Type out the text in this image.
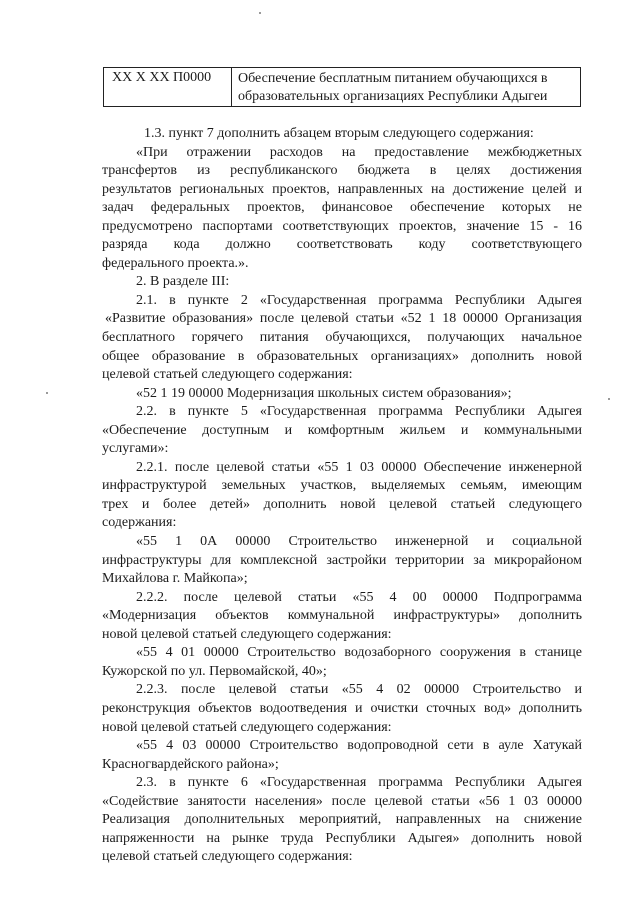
XX X XX П0000	Обеспечение бесплатным питанием обучающихся в
образовательных организациях Республики Адыгеи
1.3. пункт 7 дополнить абзацем вторым следующего содержания:
«При отражении расходов на предоставление межбюджетных
трансфертов из республиканского бюджета в целях достижения
результатов региональных проектов, направленных на достижение целей и
задач федеральных проектов, финансовое обеспечение которых не
предусмотрено паспортами соответствующих проектов, значение 15 - 16
разряда кода должно соответствовать коду соответствующего
федерального проекта.».
2. В разделе III:
2.1. в пункте 2 «Государственная программа Республики Адыгея
«Развитие образования» после целевой статьи «52 1 18 00000 Организация
бесплатного горячего питания обучающихся, получающих начальное
общее образование в образовательных организациях» дополнить новой
целевой статьей следующего содержания:
«52 1 19 00000 Модернизация школьных систем образования»;
2.2. в пункте 5 «Государственная программа Республики Адыгея
«Обеспечение доступным и комфортным жильем и коммунальными
услугами»:
2.2.1. после целевой статьи «55 1 03 00000 Обеспечение инженерной
инфраструктурой земельных участков, выделяемых семьям, имеющим
трех и более детей» дополнить новой целевой статьей следующего
содержания:
«55 1 0А 00000 Строительство инженерной и социальной
инфраструктуры для комплексной застройки территории за микрорайоном
Михайлова г. Майкопа»;
2.2.2. после целевой статьи «55 4 00 00000 Подпрограмма
«Модернизация объектов коммунальной инфраструктуры» дополнить
новой целевой статьей следующего содержания:
«55 4 01 00000 Строительство водозаборного сооружения в станице
Кужорской по ул. Первомайской, 40»;
2.2.3. после целевой статьи «55 4 02 00000 Строительство и
реконструкция объектов водоотведения и очистки сточных вод» дополнить
новой целевой статьей следующего содержания:
«55 4 03 00000 Строительство водопроводной сети в ауле Хатукай
Красногвардейского района»;
2.3. в пункте 6 «Государственная программа Республики Адыгея
«Содействие занятости населения» после целевой статьи «56 1 03 00000
Реализация дополнительных мероприятий, направленных на снижение
напряженности на рынке труда Республики Адыгея» дополнить новой
целевой статьей следующего содержания:
